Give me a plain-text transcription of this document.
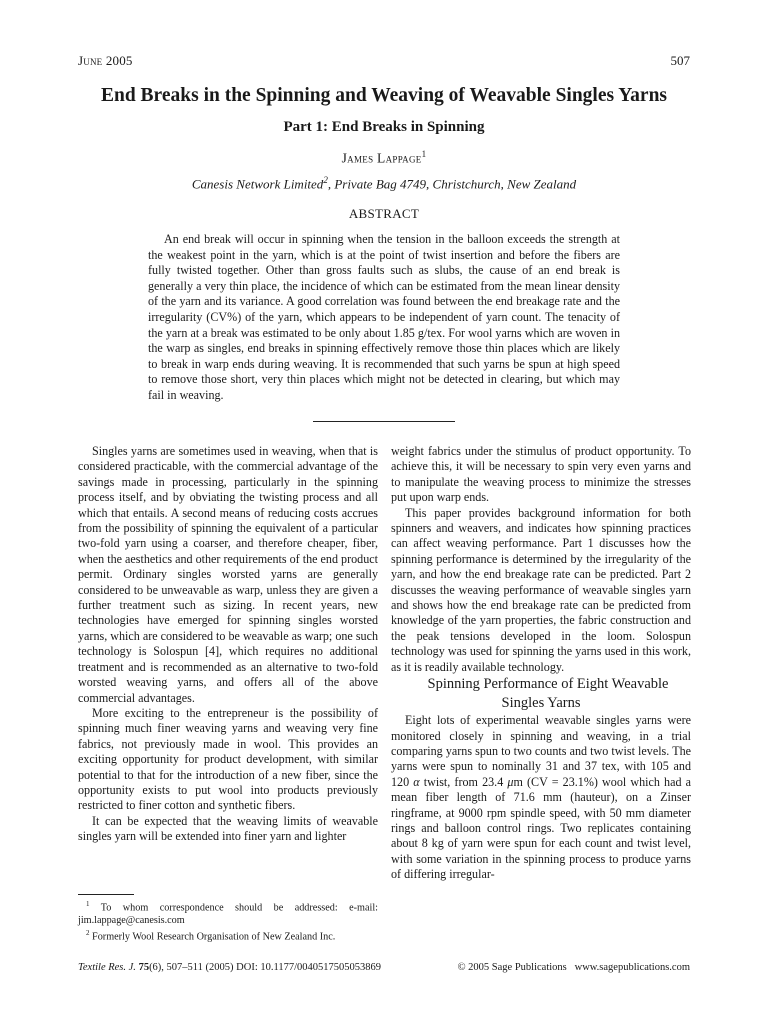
June 2005	507
End Breaks in the Spinning and Weaving of Weavable Singles Yarns
Part 1: End Breaks in Spinning
James Lappage$^1$
Canesis Network Limited$^2$, Private Bag 4749, Christchurch, New Zealand
ABSTRACT
An end break will occur in spinning when the tension in the balloon exceeds the strength at the weakest point in the yarn, which is at the point of twist insertion and before the fibers are fully twisted together. Other than gross faults such as slubs, the cause of an end break is generally a very thin place, the incidence of which can be estimated from the mean linear density of the yarn and its variance. A good correlation was found between the end breakage rate and the irregularity (CV%) of the yarn, which appears to be independent of yarn count. The tenacity of the yarn at a break was estimated to be only about 1.85 g/tex. For wool yarns which are woven in the warp as singles, end breaks in spinning effectively remove those thin places which are likely to break in warp ends during weaving. It is recommended that such yarns be spun at high speed to remove those short, very thin places which might not be detected in clearing, but which may fail in weaving.

Singles yarns are sometimes used in weaving, when that is considered practicable, with the commercial advantage of the savings made in processing, particularly in the spinning process itself, and by obviating the twisting process and all which that entails. A second means of reducing costs accrues from the possibility of spinning the equivalent of a particular two-fold yarn using a coarser, and therefore cheaper, fiber, when the aesthetics and other requirements of the end product permit. Ordinary singles worsted yarns are generally considered to be unweavable as warp, unless they are given a further treatment such as sizing. In recent years, new technologies have emerged for spinning singles worsted yarns, which are considered to be weavable as warp; one such technology is Solospun [4], which requires no additional treatment and is recommended as an alternative to two-fold worsted weaving yarns, and offers all of the above commercial advantages.

More exciting to the entrepreneur is the possibility of spinning much finer weaving yarns and weaving very fine fabrics, not previously made in wool. This provides an exciting opportunity for product development, with similar potential to that for the introduction of a new fiber, since the opportunity exists to put wool into products previously restricted to finer cotton and synthetic fibers.

It can be expected that the weaving limits of weavable singles yarn will be extended into finer yarn and lighter

weight fabrics under the stimulus of product opportunity. To achieve this, it will be necessary to spin very even yarns and to manipulate the weaving process to minimize the stresses put upon warp ends.

This paper provides background information for both spinners and weavers, and indicates how spinning practices can affect weaving performance. Part 1 discusses how the spinning performance is determined by the irregularity of the yarn, and how the end breakage rate can be predicted. Part 2 discusses the weaving performance of weavable singles yarn and shows how the end breakage rate can be predicted from knowledge of the yarn properties, the fabric construction and the peak tensions developed in the loom. Solospun technology was used for spinning the yarns used in this work, as it is readily available technology.

Spinning Performance of Eight Weavable Singles Yarns

Eight lots of experimental weavable singles yarns were monitored closely in spinning and weaving, in a trial comparing yarns spun to two counts and two twist levels. The yarns were spun to nominally 31 and 37 tex, with 105 and 120 α twist, from 23.4 μm (CV = 23.1%) wool which had a mean fiber length of 71.6 mm (hauteur), on a Zinser ringframe, at 9000 rpm spindle speed, with 50 mm diameter rings and balloon control rings. Two replicates containing about 8 kg of yarn were spun for each count and twist level, with some variation in the spinning process to produce yarns of differing irregular-

$^1$ To whom correspondence should be addressed: e-mail: jim.lappage@canesis.com

$^2$ Formerly Wool Research Organisation of New Zealand Inc.

Textile Res. J. 75(6), 507–511 (2005) DOI: 10.1177/0040517505053869	© 2005 Sage Publications   www.sagepublications.com
